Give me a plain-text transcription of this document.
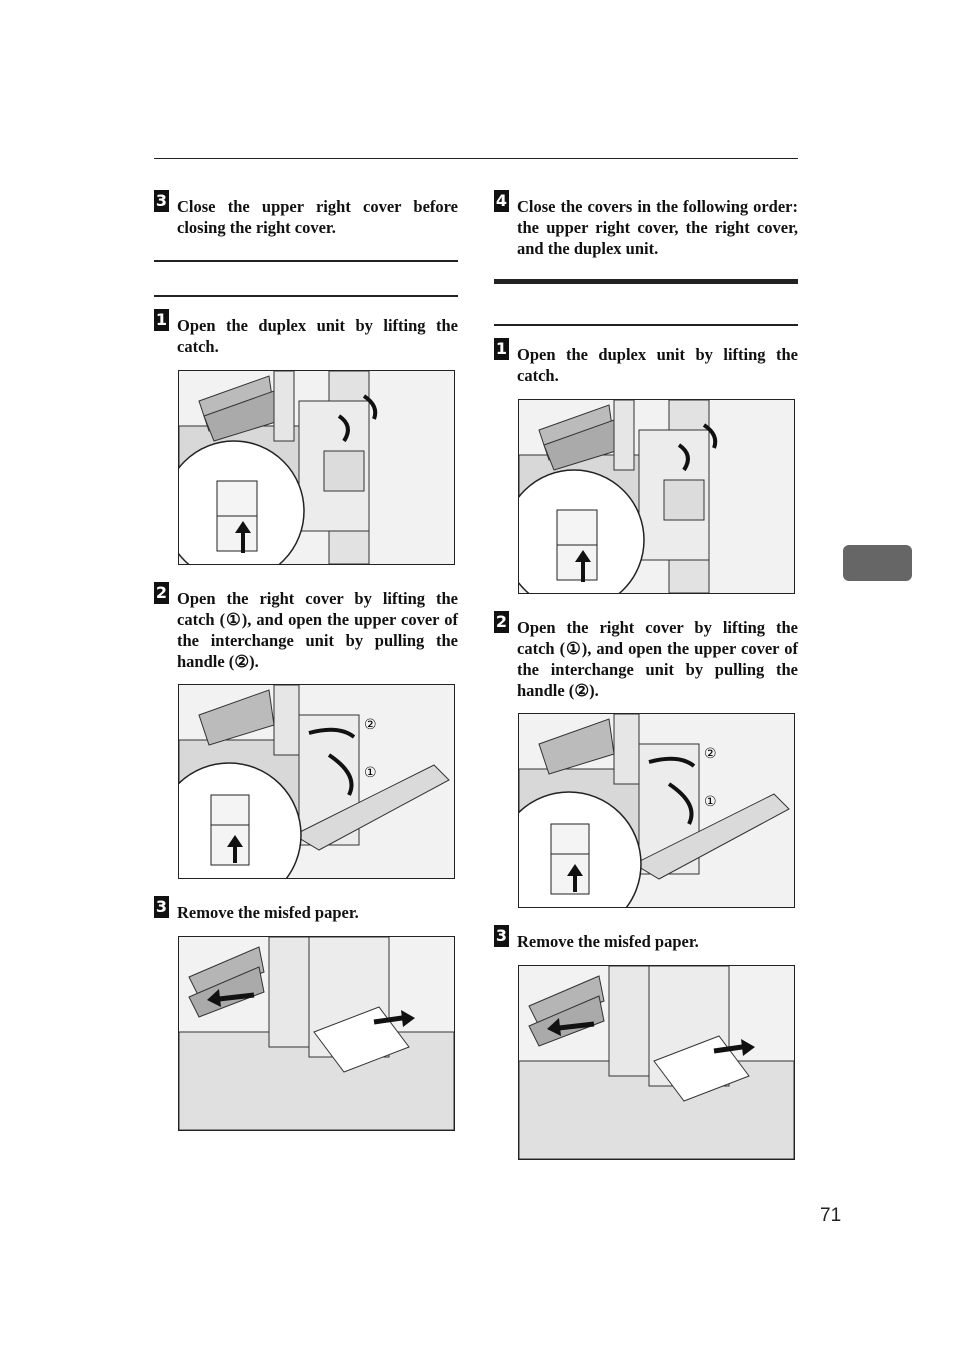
3 Close the upper right cover before closing the right cover.
1 Open the duplex unit by lifting the catch.
2 Open the right cover by lifting the catch (①), and open the upper cover of the interchange unit by pulling the handle (②).
②
①
3 Remove the misfed paper.
4 Close the covers in the following order: the upper right cover, the right cover, and the duplex unit.
1 Open the duplex unit by lifting the catch.
2 Open the right cover by lifting the catch (①), and open the upper cover of the interchange unit by pulling the handle (②).
②
①
3 Remove the misfed paper.
71
